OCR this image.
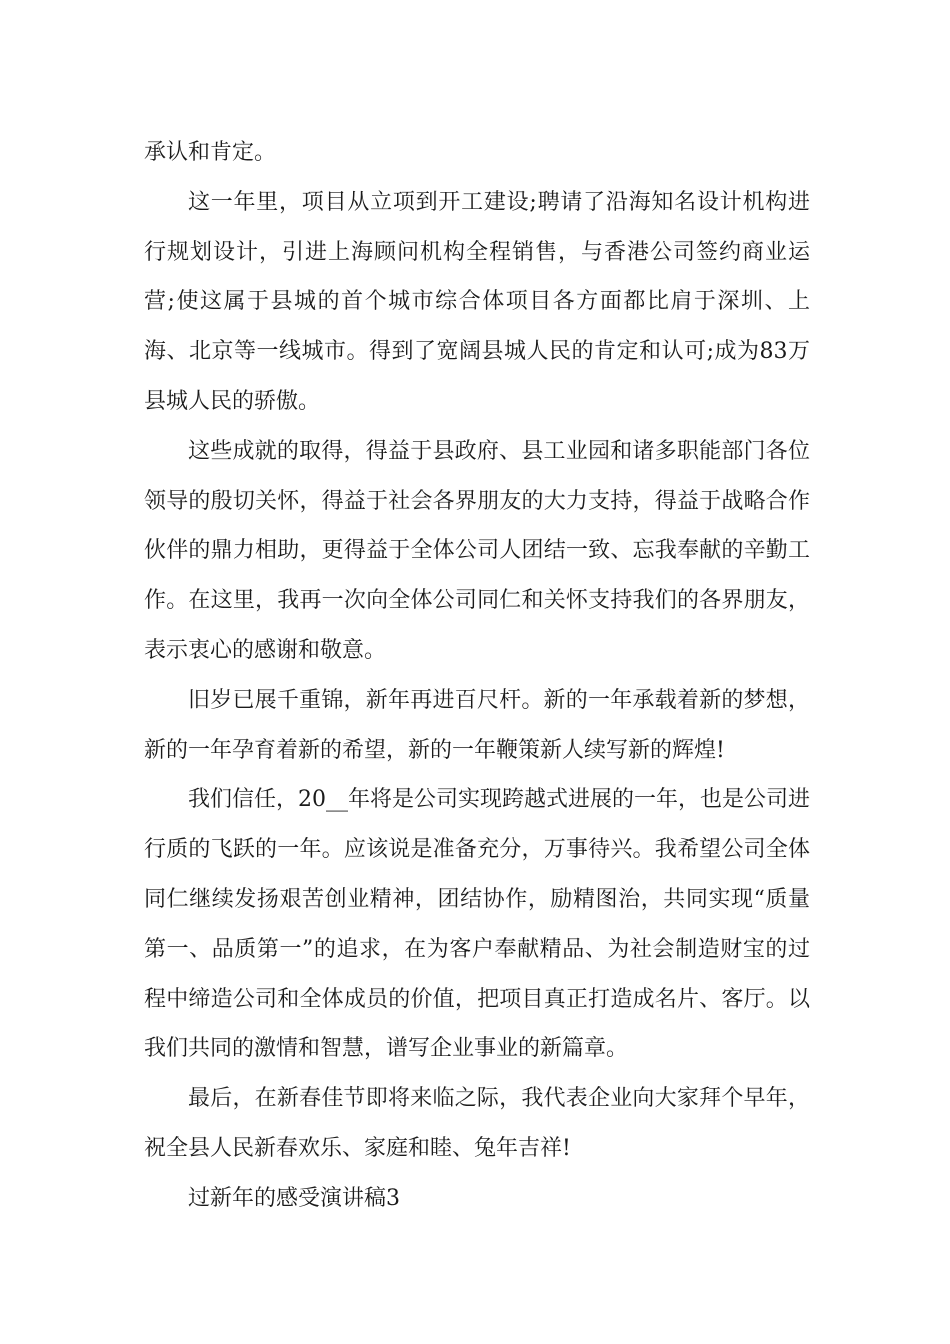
承认和肯定。

这一年里，项目从立项到开工建设;聘请了沿海知名设计机构进行规划设计，引进上海顾问机构全程销售，与香港公司签约商业运营;使这属于县城的首个城市综合体项目各方面都比肩于深圳、上海、北京等一线城市。得到了宽阔县城人民的肯定和认可;成为83万县城人民的骄傲。

这些成就的取得，得益于县政府、县工业园和诸多职能部门各位领导的殷切关怀，得益于社会各界朋友的大力支持，得益于战略合作伙伴的鼎力相助，更得益于全体公司人团结一致、忘我奉献的辛勤工作。在这里，我再一次向全体公司同仁和关怀支持我们的各界朋友，表示衷心的感谢和敬意。

旧岁已展千重锦，新年再进百尺杆。新的一年承载着新的梦想，新的一年孕育着新的希望，新的一年鞭策新人续写新的辉煌!

我们信任，20__年将是公司实现跨越式进展的一年，也是公司进行质的飞跃的一年。应该说是准备充分，万事待兴。我希望公司全体同仁继续发扬艰苦创业精神，团结协作，励精图治，共同实现“质量第一、品质第一”的追求，在为客户奉献精品、为社会制造财宝的过程中缔造公司和全体成员的价值，把项目真正打造成名片、客厅。以我们共同的激情和智慧，谱写企业事业的新篇章。

最后，在新春佳节即将来临之际，我代表企业向大家拜个早年，祝全县人民新春欢乐、家庭和睦、兔年吉祥!

过新年的感受演讲稿3
